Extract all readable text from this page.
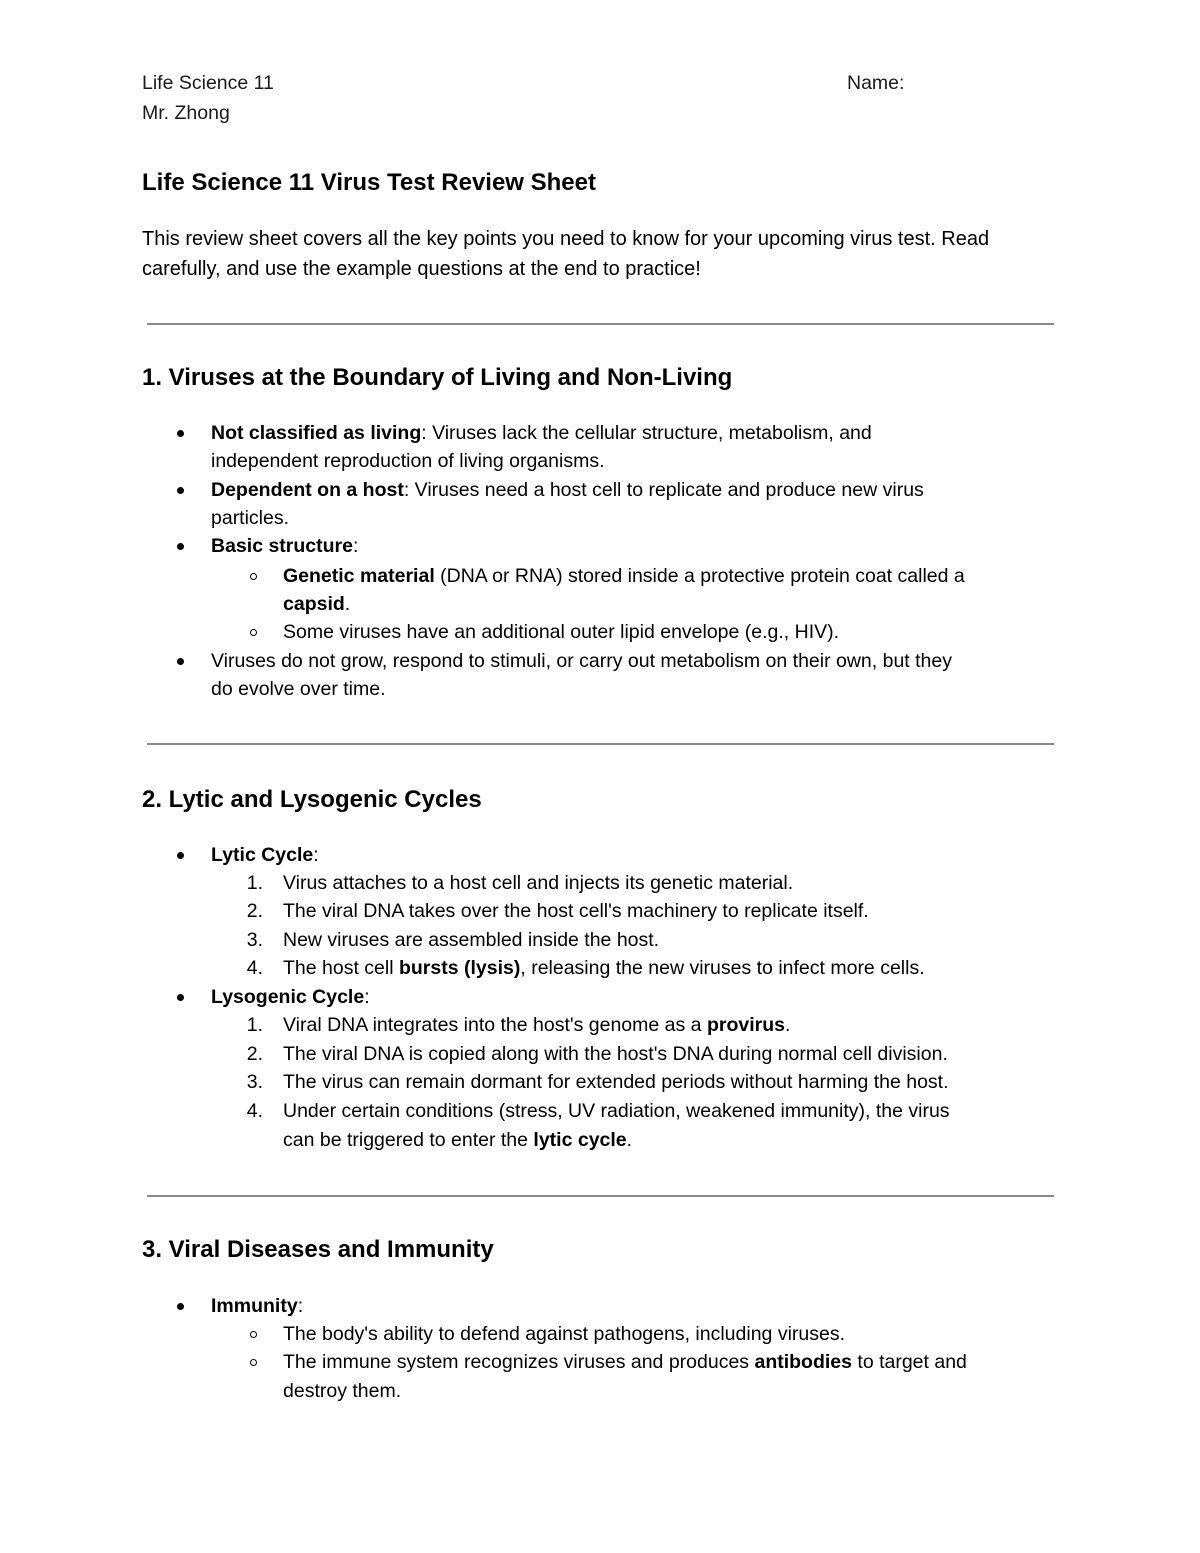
Life Science 11
Mr. Zhong
Name:
Life Science 11 Virus Test Review Sheet
This review sheet covers all the key points you need to know for your upcoming virus test. Read
carefully, and use the example questions at the end to practice!
1. Viruses at the Boundary of Living and Non-Living
Not classified as living: Viruses lack the cellular structure, metabolism, and
independent reproduction of living organisms.
Dependent on a host: Viruses need a host cell to replicate and produce new virus
particles.
Basic structure:
Genetic material (DNA or RNA) stored inside a protective protein coat called a
capsid.
Some viruses have an additional outer lipid envelope (e.g., HIV).
Viruses do not grow, respond to stimuli, or carry out metabolism on their own, but they
do evolve over time.
2. Lytic and Lysogenic Cycles
Lytic Cycle:
1. Virus attaches to a host cell and injects its genetic material.
2. The viral DNA takes over the host cell's machinery to replicate itself.
3. New viruses are assembled inside the host.
4. The host cell bursts (lysis), releasing the new viruses to infect more cells.
Lysogenic Cycle:
1. Viral DNA integrates into the host's genome as a provirus.
2. The viral DNA is copied along with the host's DNA during normal cell division.
3. The virus can remain dormant for extended periods without harming the host.
4. Under certain conditions (stress, UV radiation, weakened immunity), the virus
can be triggered to enter the lytic cycle.
3. Viral Diseases and Immunity
Immunity:
The body's ability to defend against pathogens, including viruses.
The immune system recognizes viruses and produces antibodies to target and
destroy them.
